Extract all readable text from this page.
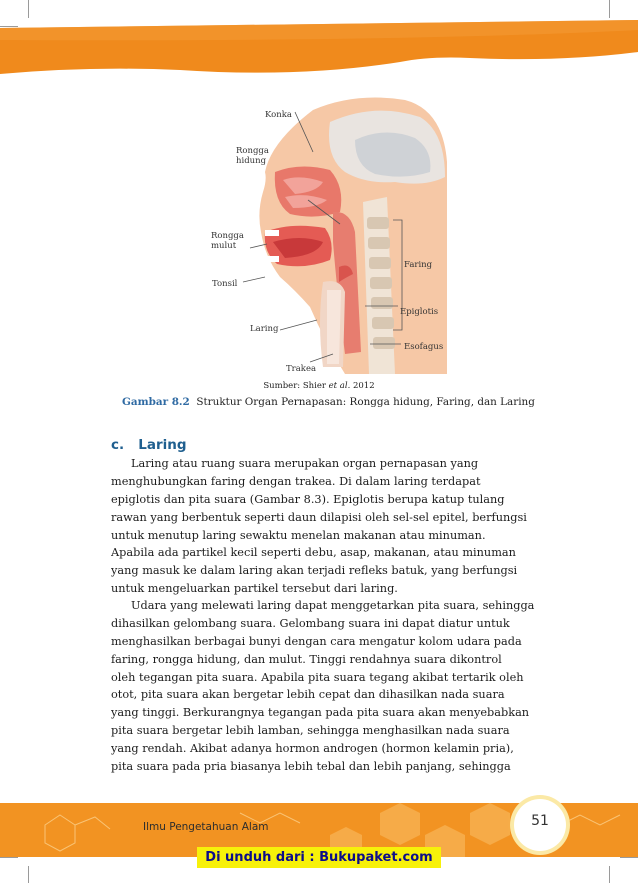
Konka
Rongga
hidung
Rongga
mulut
Tonsil
Laring
Trakea
Faring
Epiglotis
Esofagus
Sumber: Shier et al. 2012
Gambar 8.2 Struktur Organ Pernapasan: Rongga hidung, Faring, dan Laring
c.   Laring
Laring atau ruang suara merupakan organ pernapasan yang
menghubungkan faring dengan trakea. Di dalam laring terdapat
epiglotis dan pita suara (Gambar 8.3). Epiglotis berupa katup tulang
rawan yang berbentuk seperti daun dilapisi oleh sel-sel epitel, berfungsi
untuk menutup laring sewaktu menelan makanan atau minuman.
Apabila ada partikel kecil seperti debu, asap, makanan, atau minuman
yang masuk ke dalam laring akan terjadi refleks batuk, yang berfungsi
untuk mengeluarkan partikel tersebut dari laring.
Udara yang melewati laring dapat menggetarkan pita suara, sehingga
dihasilkan gelombang suara. Gelombang suara ini dapat diatur untuk
menghasilkan berbagai bunyi dengan cara mengatur kolom udara pada
faring, rongga hidung, dan mulut. Tinggi rendahnya suara dikontrol
oleh tegangan pita suara. Apabila pita suara tegang akibat tertarik oleh
otot, pita suara akan bergetar lebih cepat dan dihasilkan nada suara
yang tinggi. Berkurangnya tegangan pada pita suara akan menyebabkan
pita suara bergetar lebih lamban, sehingga menghasilkan nada suara
yang rendah. Akibat adanya hormon androgen (hormon kelamin pria),
pita suara pada pria biasanya lebih tebal dan lebih panjang, sehingga
Ilmu Pengetahuan Alam	51
Di unduh dari : Bukupaket.com
